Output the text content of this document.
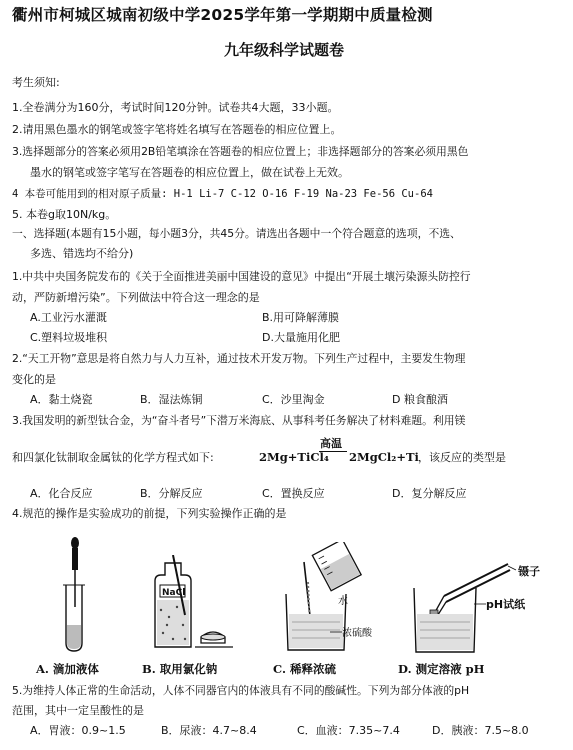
衢州市柯城区城南初级中学2025学年第一学期期中质量检测
九年级科学试题卷
考生须知:
1.全卷满分为160分，考试时间120分钟。试卷共4大题，33小题。
2.请用黑色墨水的钢笔或签字笔将姓名填写在答题卷的相应位置上。
3.选择题部分的答案必须用2B铅笔填涂在答题卷的相应位置上；非选择题部分的答案必须用黑色
墨水的钢笔或签字笔写在答题卷的相应位置上，做在试卷上无效。
4 本卷可能用到的相对原子质量: H-1 Li-7 C-12 O-16 F-19 Na-23 Fe-56 Cu-64
5. 本卷g取10N/kg。
一、选择题(本题有15小题，每小题3分，共45分。请选出各题中一个符合题意的选项，不选、
多选、错选均不给分)
1.中共中央国务院发布的《关于全面推进美丽中国建设的意见》中提出“开展土壤污染源头防控行
动，严防新增污染”。下列做法中符合这一理念的是
A.工业污水灌溉	B.用可降解薄膜
C.塑料垃圾堆积	D.大量施用化肥
2.“天工开物”意思是将自然力与人力互补，通过技术开发万物。下列生产过程中，主要发生物理
变化的是
A．黏土烧瓷	B．湿法炼铜	C．沙里淘金	D 粮食酿酒
3.我国发明的新型钛合金，为“奋斗者号”下潜万米海底、从事科考任务解决了材料难题。利用镁
和四氯化钛制取金属钛的化学方程式如下:	2Mg+TiCl₄
高温
2MgCl₂+Ti ，该反应的类型是
A．化合反应	B．分解反应	C．置换反应	D．复分解反应
4.规范的操作是实验成功的前提，下列实验操作正确的是
NaCl
水
浓硫酸
镊子
pH试纸
A. 滴加液体	B. 取用氯化钠	C. 稀释浓硫	D. 测定溶液 pH
5.为维持人体正常的生命活动，人体不同器官内的体液具有不同的酸碱性。下列为部分体液的pH
范围，其中一定呈酸性的是
A．胃液：0.9~1.5	B．尿液：4.7~8.4	C．血液：7.35~7.4	D．胰液：7.5~8.0
